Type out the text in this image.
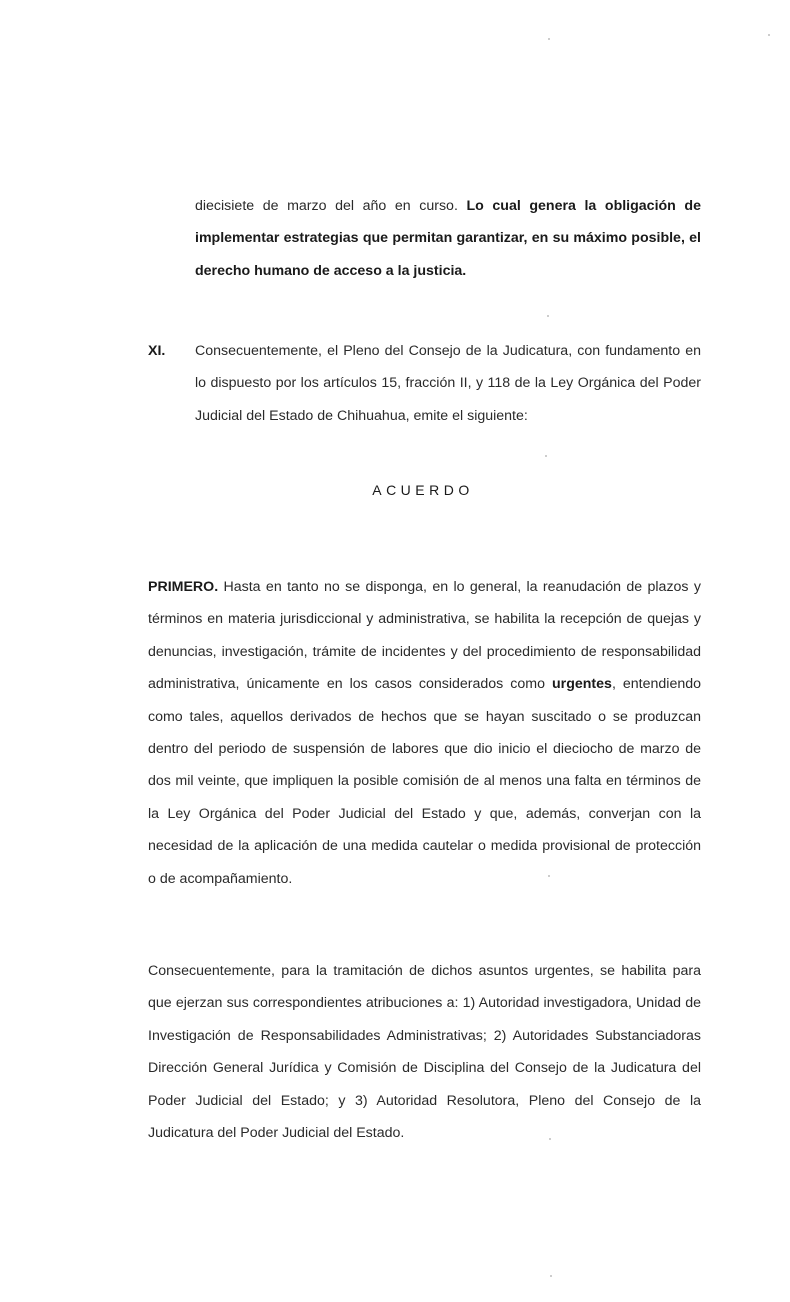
diecisiete de marzo del año en curso. Lo cual genera la obligación de implementar estrategias que permitan garantizar, en su máximo posible, el derecho humano de acceso a la justicia.

XI. Consecuentemente, el Pleno del Consejo de la Judicatura, con fundamento en lo dispuesto por los artículos 15, fracción II, y 118 de la Ley Orgánica del Poder Judicial del Estado de Chihuahua, emite el siguiente:

ACUERDO

PRIMERO. Hasta en tanto no se disponga, en lo general, la reanudación de plazos y términos en materia jurisdiccional y administrativa, se habilita la recepción de quejas y denuncias, investigación, trámite de incidentes y del procedimiento de responsabilidad administrativa, únicamente en los casos considerados como urgentes, entendiendo como tales, aquellos derivados de hechos que se hayan suscitado o se produzcan dentro del periodo de suspensión de labores que dio inicio el dieciocho de marzo de dos mil veinte, que impliquen la posible comisión de al menos una falta en términos de la Ley Orgánica del Poder Judicial del Estado y que, además, converjan con la necesidad de la aplicación de una medida cautelar o medida provisional de protección o de acompañamiento.

Consecuentemente, para la tramitación de dichos asuntos urgentes, se habilita para que ejerzan sus correspondientes atribuciones a: 1) Autoridad investigadora, Unidad de Investigación de Responsabilidades Administrativas; 2) Autoridades Substanciadoras Dirección General Jurídica y Comisión de Disciplina del Consejo de la Judicatura del Poder Judicial del Estado; y 3) Autoridad Resolutora, Pleno del Consejo de la Judicatura del Poder Judicial del Estado.
